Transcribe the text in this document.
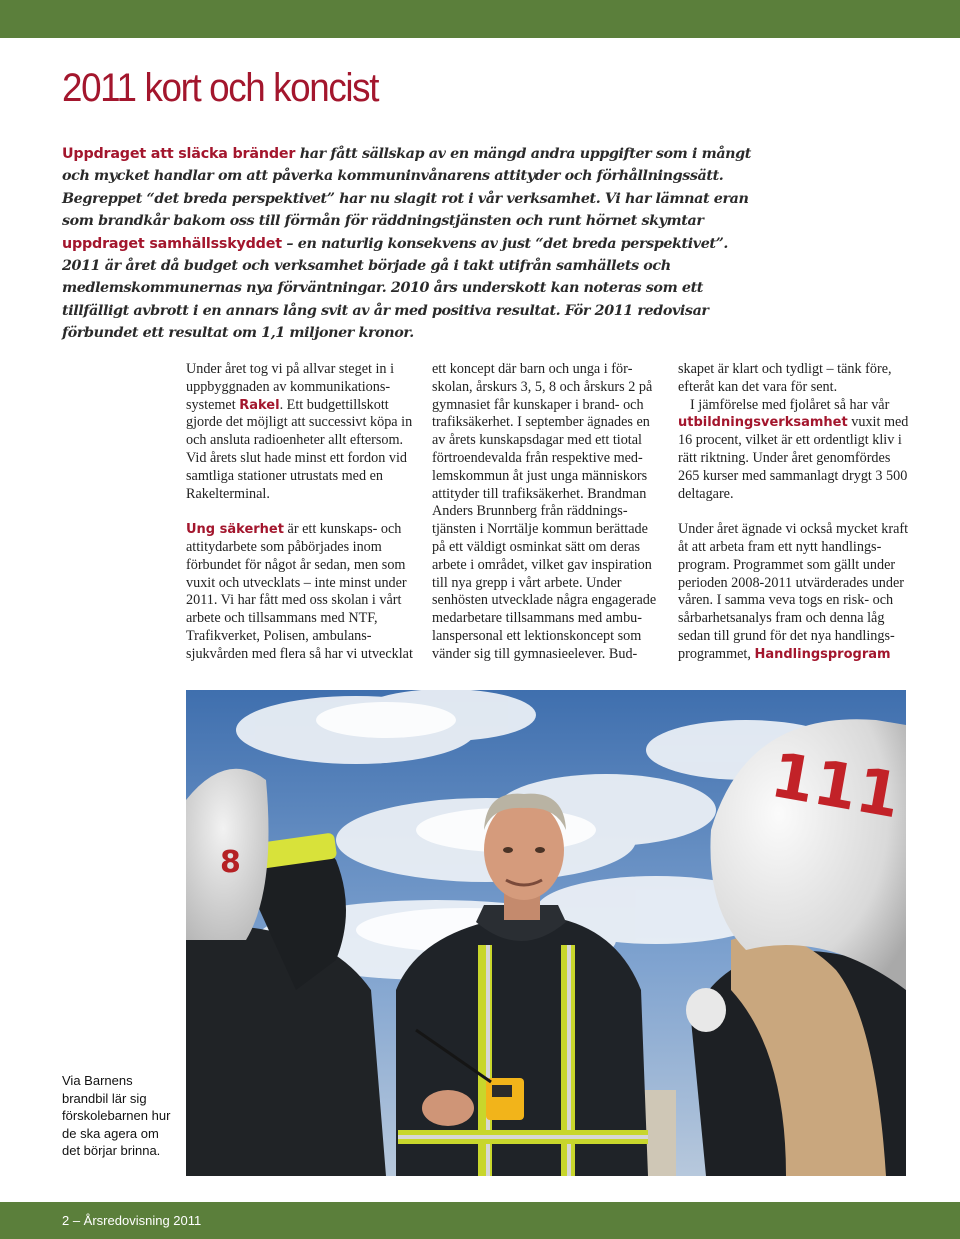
2011 kort och koncist

Uppdraget att släcka bränder har fått sällskap av en mängd andra uppgifter som i mångt och mycket handlar om att påverka kommuninvånarens attityder och förhållningssätt. Begreppet “det breda perspektivet” har nu slagit rot i vår verksamhet. Vi har lämnat eran som brandkår bakom oss till förmån för räddningstjänsten och runt hörnet skymtar uppdraget samhällsskyddet – en naturlig konsekvens av just “det breda perspektivet”. 2011 är året då budget och verksamhet började gå i takt utifrån samhällets och medlemskommunernas nya förväntningar. 2010 års underskott kan noteras som ett tillfälligt avbrott i en annars lång svit av år med positiva resultat. För 2011 redovisar förbundet ett resultat om 1,1 miljoner kronor.

Under året tog vi på allvar steget in i uppbyggnaden av kommunikationssystemet Rakel. Ett budgettillskott gjorde det möjligt att successivt köpa in och ansluta radioenheter allt eftersom. Vid årets slut hade minst ett fordon vid samtliga stationer utrustats med en Rakelterminal.

Ung säkerhet är ett kunskaps- och attitydarbete som påbörjades inom förbundet för något år sedan, men som vuxit och utvecklats – inte minst under 2011. Vi har fått med oss skolan i vårt arbete och tillsammans med NTF, Trafikverket, Polisen, ambulanssjukvården med flera så har vi utvecklat

ett koncept där barn och unga i förskolan, årskurs 3, 5, 8 och årskurs 2 på gymnasiet får kunskaper i brand- och trafiksäkerhet. I september ägnades en av årets kunskapsdagar med ett tiotal förtroendevalda från respektive medlemskommun åt just unga människors attityder till trafiksäkerhet. Brandman Anders Brunnberg från räddningstjänsten i Norrtälje kommun berättade på ett väldigt osminkat sätt om deras arbete i området, vilket gav inspiration till nya grepp i vårt arbete. Under senhösten utvecklade några engagerade medarbetare tillsammans med ambulanspersonal ett lektionskoncept som vänder sig till gymnasieelever. Bud-

skapet är klart och tydligt – tänk före, efteråt kan det vara för sent.

I jämförelse med fjolåret så har vår utbildningsverksamhet vuxit med 16 procent, vilket är ett ordentligt kliv i rätt riktning. Under året genomfördes 265 kurser med sammanlagt drygt 3 500 deltagare.

Under året ägnade vi också mycket kraft åt att arbeta fram ett nytt handlingsprogram. Programmet som gällt under perioden 2008-2011 utvärderades under våren. I samma veva togs en risk- och sårbarhetsanalys fram och denna låg sedan till grund för det nya handlingsprogrammet, Handlingsprogram

8
111

Via Barnens brandbil lär sig förskolebarnen hur de ska agera om det börjar brinna.

2 – Årsredovisning 2011
